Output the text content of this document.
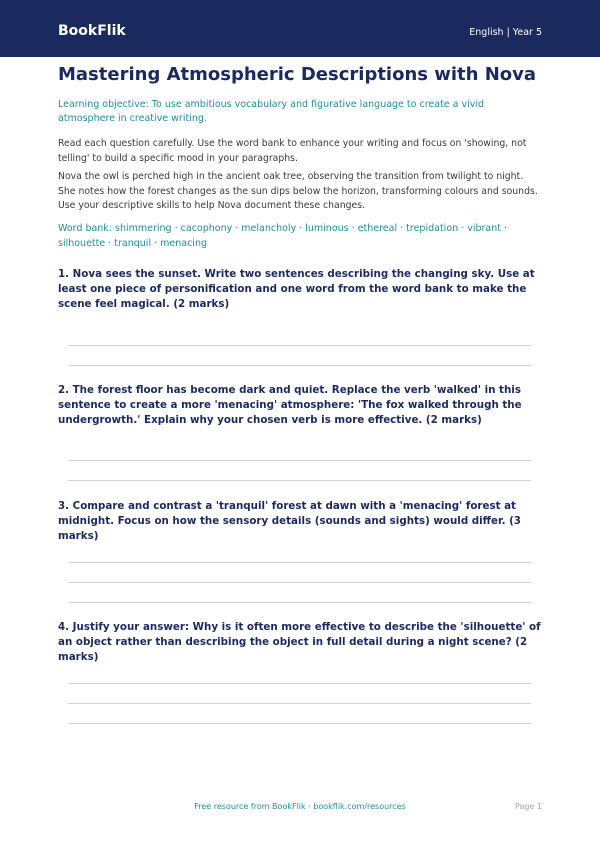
BookFlik	English | Year 5
Mastering Atmospheric Descriptions with Nova
Learning objective: To use ambitious vocabulary and figurative language to create a vivid atmosphere in creative writing.
Read each question carefully. Use the word bank to enhance your writing and focus on 'showing, not telling' to build a specific mood in your paragraphs.
Nova the owl is perched high in the ancient oak tree, observing the transition from twilight to night. She notes how the forest changes as the sun dips below the horizon, transforming colours and sounds. Use your descriptive skills to help Nova document these changes.
Word bank: shimmering · cacophony · melancholy · luminous · ethereal · trepidation · vibrant · silhouette · tranquil · menacing
1. Nova sees the sunset. Write two sentences describing the changing sky. Use at least one piece of personification and one word from the word bank to make the scene feel magical. (2 marks)
2. The forest floor has become dark and quiet. Replace the verb 'walked' in this sentence to create a more 'menacing' atmosphere: 'The fox walked through the undergrowth.' Explain why your chosen verb is more effective. (2 marks)
3. Compare and contrast a 'tranquil' forest at dawn with a 'menacing' forest at midnight. Focus on how the sensory details (sounds and sights) would differ. (3 marks)
4. Justify your answer: Why is it often more effective to describe the 'silhouette' of an object rather than describing the object in full detail during a night scene? (2 marks)
Free resource from BookFlik · bookflik.com/resources	Page 1
